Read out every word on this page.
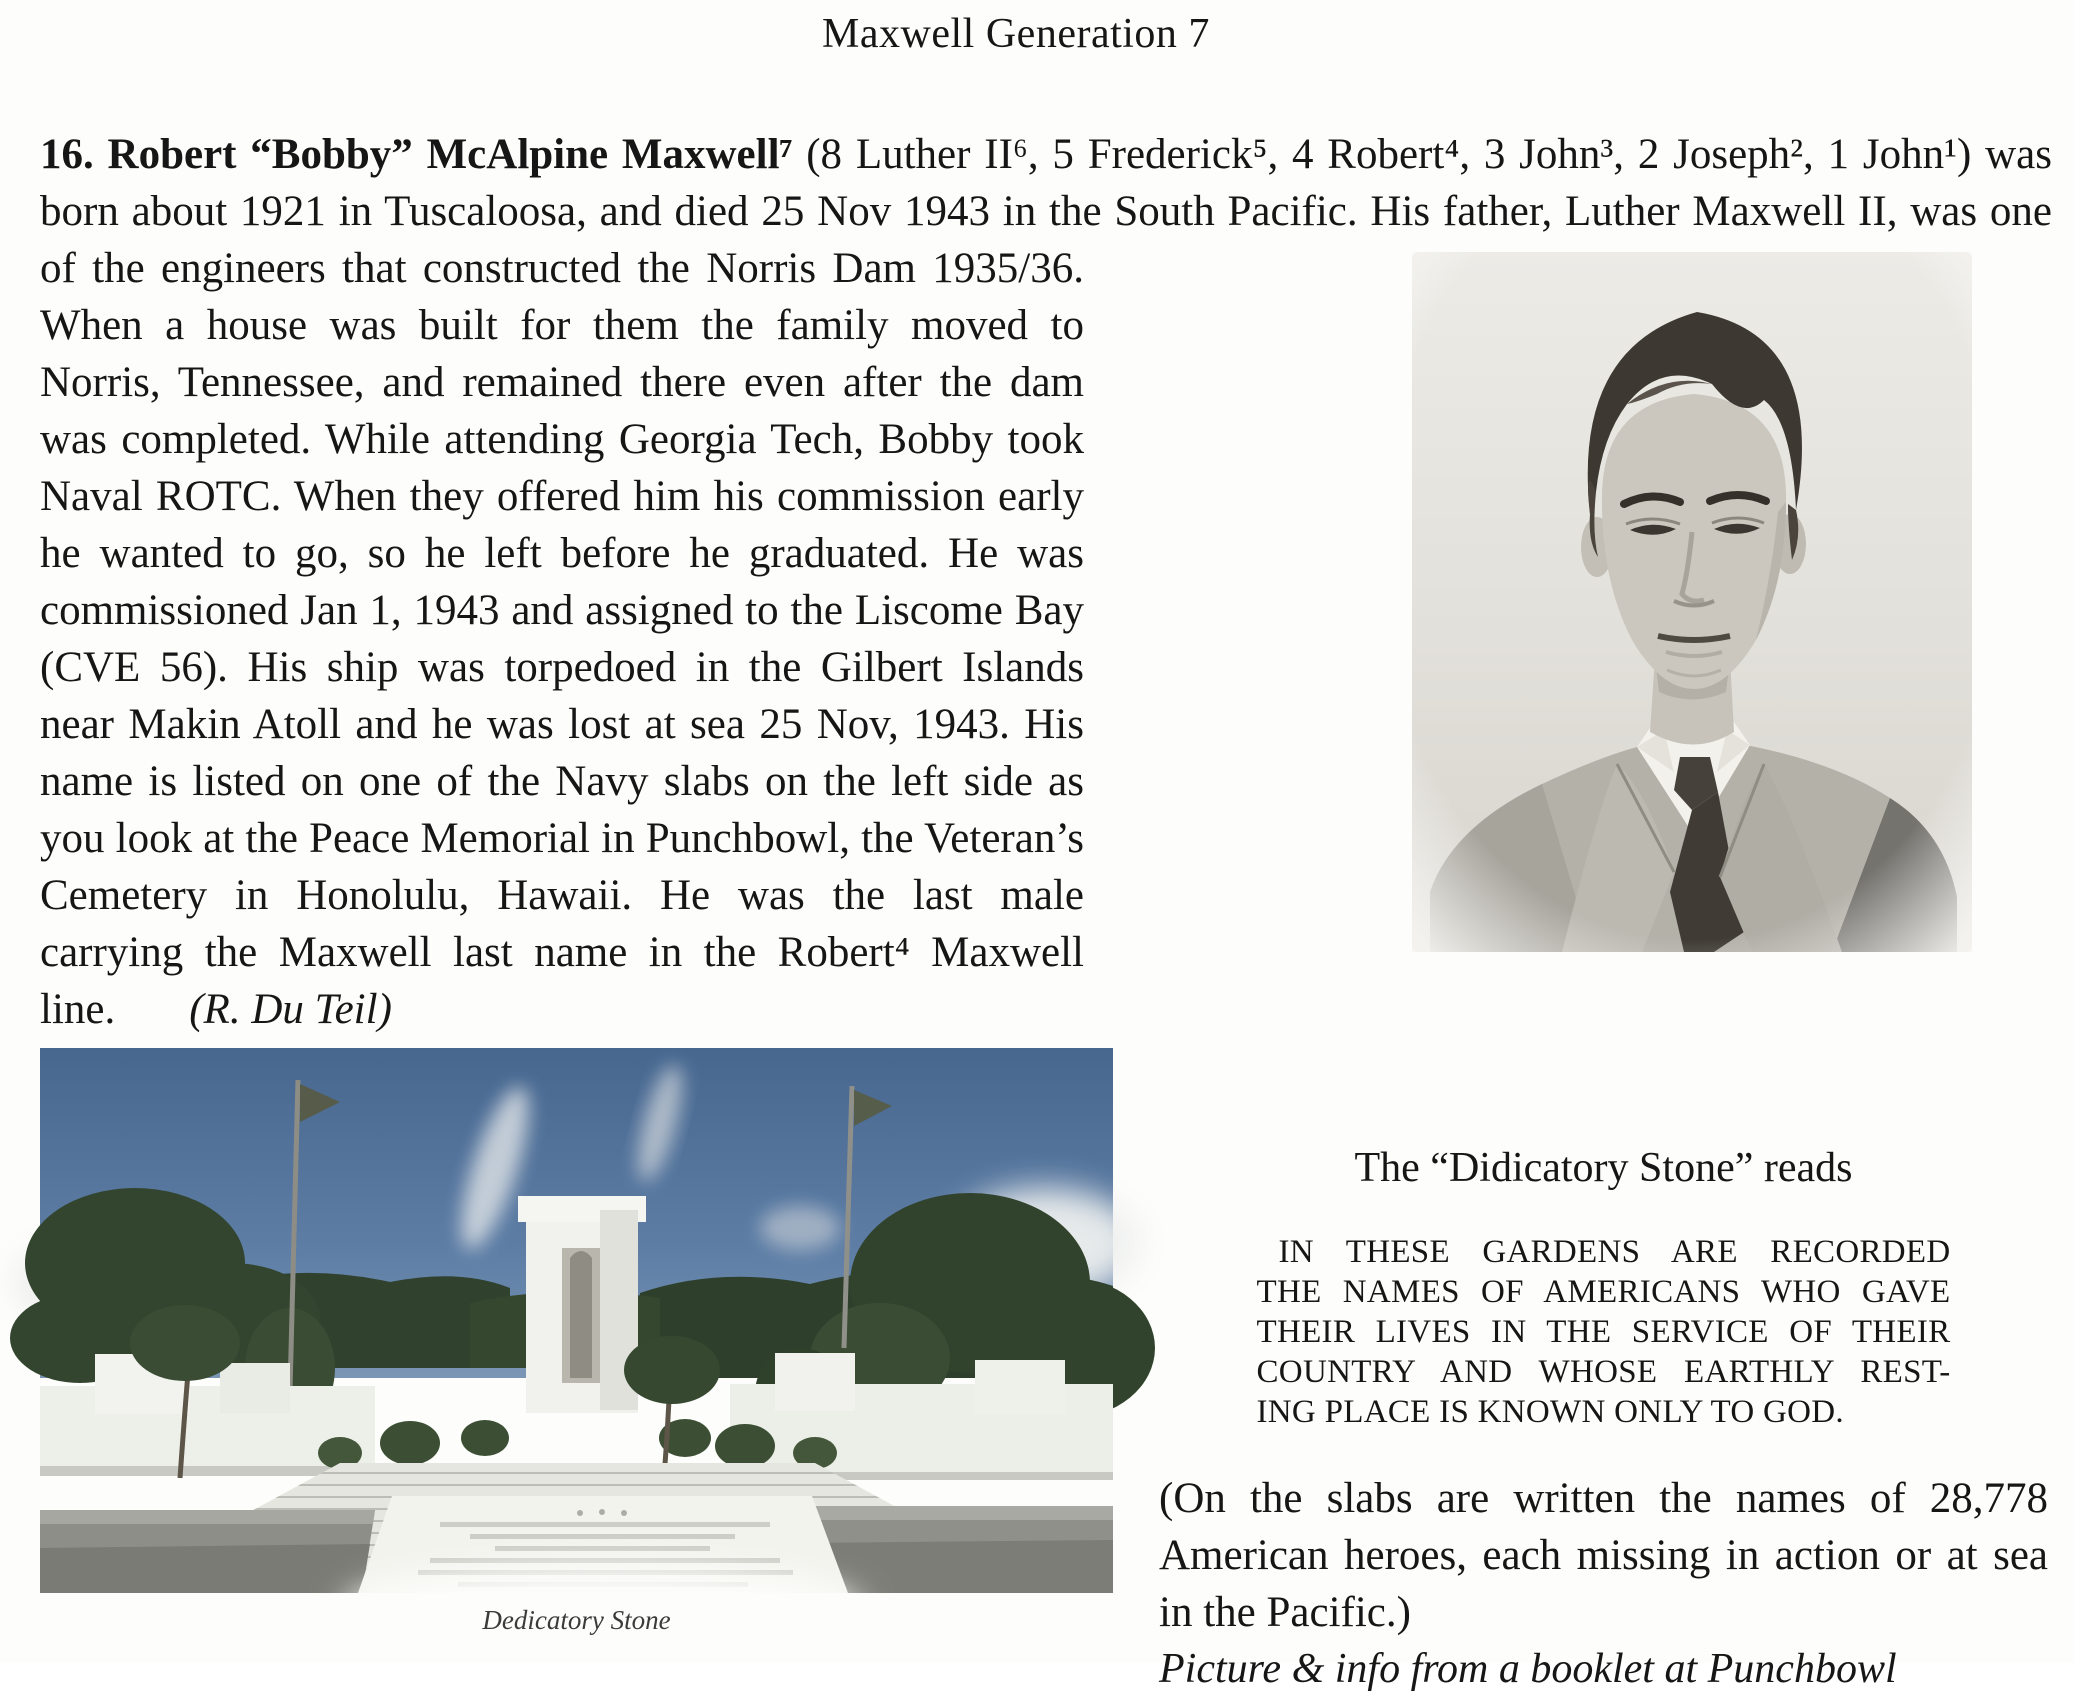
Maxwell Generation 7
16. Robert “Bobby” McAlpine Maxwell⁷ (8 Luther II⁶, 5 Frederick⁵, 4 Robert⁴, 3 John³, 2 Joseph², 1 John¹) was born about 1921 in Tuscaloosa, and died 25 Nov 1943 in the South Pacific. His father, Luther Maxwell II, was one of the engineers that constructed the Norris Dam 1935/36.
When a house was built for them the family moved to Norris, Tennessee, and remained there even after the dam was completed. While attending Georgia Tech, Bobby took Naval ROTC. When they offered him his commission early he wanted to go, so he left before he graduated. He was commissioned Jan 1, 1943 and assigned to the Liscome Bay (CVE 56). His ship was torpedoed in the Gilbert Islands near Makin Atoll and he was lost at sea 25 Nov, 1943. His name is listed on one of the Navy slabs on the left side as you look at the Peace Memorial in Punchbowl, the Veteran’s Cemetery in Honolulu, Hawaii. He was the last male carrying the Maxwell last name in the Robert⁴ Maxwell line. (R. Du Teil)
Dedicatory Stone
The “Didicatory Stone” reads
IN THESE GARDENS ARE RECORDED
THE NAMES OF AMERICANS WHO GAVE
THEIR LIVES IN THE SERVICE OF THEIR
COUNTRY AND WHOSE EARTHLY REST-
ING PLACE IS KNOWN ONLY TO GOD.
(On the slabs are written the names of 28,778 American heroes, each missing in action or at sea in the Pacific.)
Picture & info from a booklet at Punchbowl
